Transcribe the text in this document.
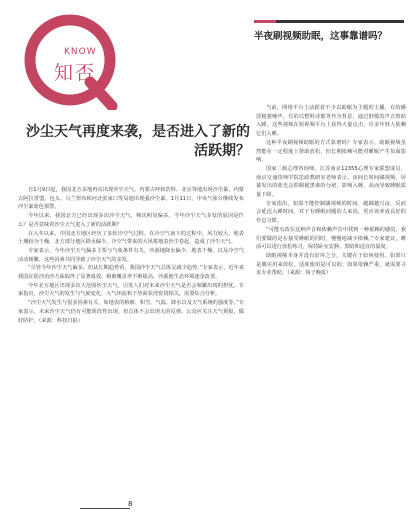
KNOW
知否
沙尘天气再度来袭，是否进入了新的活跃期？

自1月9日起，我国北方多地再次出现沙尘天气。内蒙古呼和浩特、北京等地出现沙尘暴，内蒙古阿拉善盟、包头、乌兰察布和河北张家口等局地出现强沙尘暴。1月11日，中央气象台继续发布沙尘暴蓝色预警。

今年以来，我国北方已经出现多次沙尘天气，频次明显偏多。今年沙尘天气多发的原因是什么？是否意味着沙尘天气进入了新的活跃期？

在入冬以来，中国北方地区经历了多轮冷空气过程，在冷空气南下的过程中，风力较大、地表土壤较为干燥。北方部分地区降水偏少，冷空气带来的大风将地表沙尘卷起，造成了沙尘天气。

专家表示，今年沙尘天气偏多主要与气象条件有关，沙源地降水偏少、地表干燥，以及冷空气活动频繁，这些因素共同导致了沙尘天气的多发。

“尽管今年沙尘天气偏多，但从长期趋势看，我国沙尘天气总体呈减少趋势。”专家表示，近年来我国在防沙治沙方面取得了显著成效，植被覆盖率不断提高，沙源地生态环境逐步改善。

今年北方地区出现多次大范围沙尘天气，引发人们对未来沙尘天气是否会频繁出现的担忧。专家指出，沙尘天气的发生与气候变化、大气环流和下垫面状况密切相关，需要综合分析。

“沙尘天气发生与很多因素有关，如地表的植被、积雪、气温、降水以及天气系统的强度等。”专家表示，未来沙尘天气仍有可能阶段性出现，但总体不会出现大的反弹。公众应关注天气预报，做好防护。（来源：科技日报）

半夜刷视频助眠，这事靠谱吗？

当前，网络平台上活跃着不少以助眠为主题的主播，有的播放粗狠噪声，有的以整料诗歌等作为背景，通过舒缓的声音帮助入睡。这些视频在短视频平台上获得大量点击，许多年轻人依赖它们入睡。

这种半夜刷视频助眠的方式靠谱吗？专家表示，助眠视频虽然能在一定程度上帮助放松，但长期依赖可能对睡眠产生负面影响。

国家二级心理咨询师、江苏南京12355心理专家联盟成员、南京交通技师学院思政教研室老师表示，夜间长时间刷视频，屏幕发出的蓝光会抑制褪黑素的分泌，影响入睡，从而导致睡眠质量下降。

专家指出，如果不能控制刷视频的时间，越刷越兴奋，反而会延迟入睡时间。对于有睡眠问题的人来说，更应该养成良好的作息习惯。

“可能有改在这种声音和依赖声音中找到一种依赖的感觉，我们要做的是在接受睡眠的同时，慢慢地减少依赖。”专家建议，睡前可以进行放松练习，保持卧室安静、黑暗和适宜的温度。

助眠视频本身并没有好坏之分，关键在于如何使用。如果只是偶尔用来放松，适度使用是可以的；如果依赖严重，就需要寻求专业帮助。（来源：扬子晚报）

8
